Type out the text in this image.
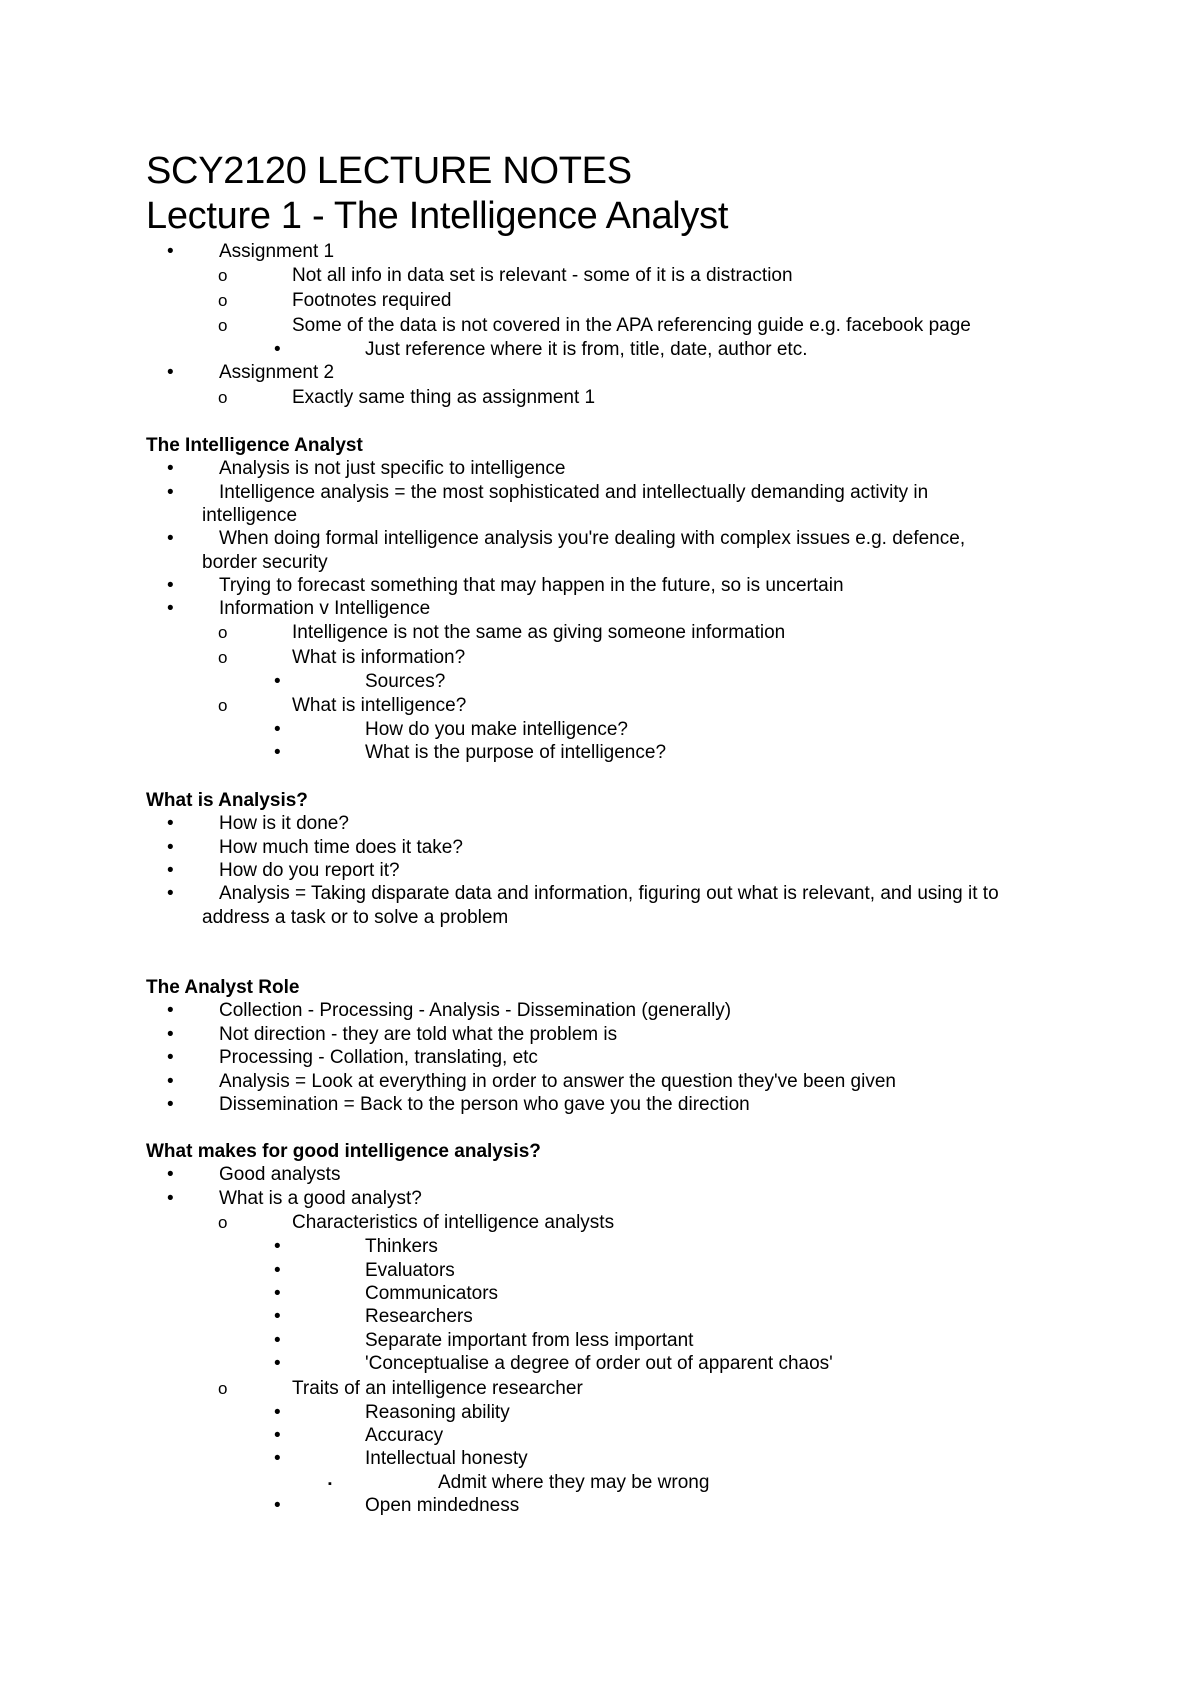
SCY2120 LECTURE NOTES
Lecture 1 - The Intelligence Analyst
• Assignment 1
o	Not all info in data set is relevant - some of it is a distraction
o	Footnotes required
o	Some of the data is not covered in the APA referencing guide e.g. facebook page
•	Just reference where it is from, title, date, author etc.
• Assignment 2
o	Exactly same thing as assignment 1
The Intelligence Analyst
• Analysis is not just specific to intelligence
• Intelligence analysis = the most sophisticated and intellectually demanding activity in
intelligence
• When doing formal intelligence analysis you're dealing with complex issues e.g. defence,
border security
• Trying to forecast something that may happen in the future, so is uncertain
• Information v Intelligence
o	Intelligence is not the same as giving someone information
o	What is information?
•	Sources?
o	What is intelligence?
•	How do you make intelligence?
•	What is the purpose of intelligence?
What is Analysis?
• How is it done?
• How much time does it take?
• How do you report it?
• Analysis = Taking disparate data and information, figuring out what is relevant, and using it to
address a task or to solve a problem
The Analyst Role
• Collection - Processing - Analysis - Dissemination (generally)
• Not direction - they are told what the problem is
• Processing - Collation, translating, etc
• Analysis = Look at everything in order to answer the question they've been given
• Dissemination = Back to the person who gave you the direction
What makes for good intelligence analysis?
• Good analysts
• What is a good analyst?
o	Characteristics of intelligence analysts
•	Thinkers
•	Evaluators
•	Communicators
•	Researchers
•	Separate important from less important
•	'Conceptualise a degree of order out of apparent chaos'
o	Traits of an intelligence researcher
•	Reasoning ability
•	Accuracy
•	Intellectual honesty
▪	Admit where they may be wrong
•	Open mindedness
